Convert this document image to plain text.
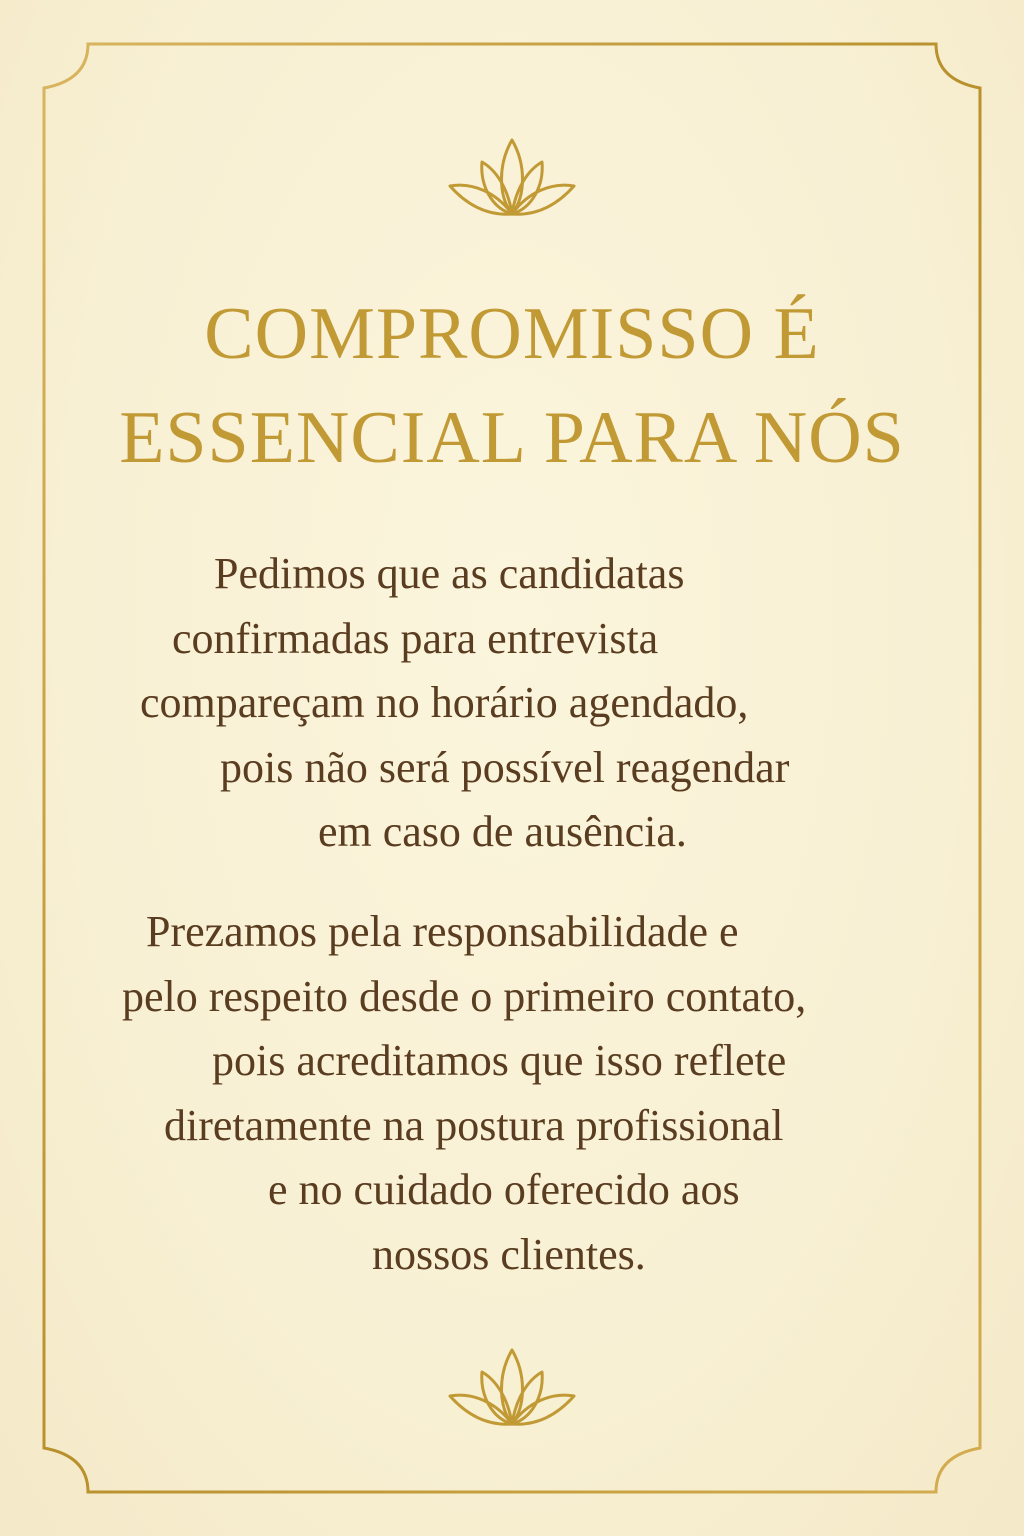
COMPROMISSO É
ESSENCIAL PARA NÓS
Pedimos que as candidatas
confirmadas para entrevista
compareçam no horário agendado,
pois não será possível reagendar
em caso de ausência.
Prezamos pela responsabilidade e
pelo respeito desde o primeiro contato,
pois acreditamos que isso reflete
diretamente na postura profissional
e no cuidado oferecido aos
nossos clientes.
